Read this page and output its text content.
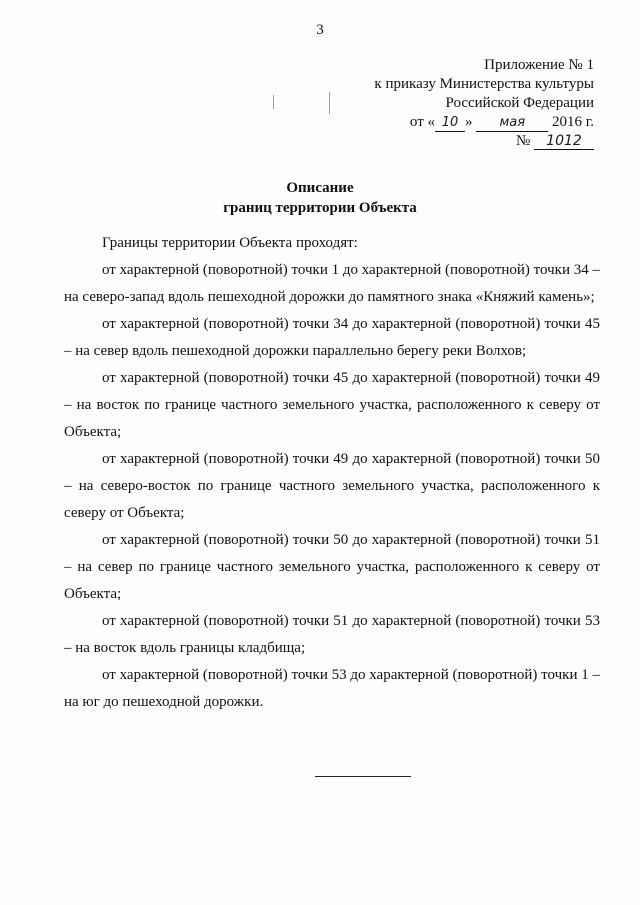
3
Приложение № 1
к приказу Министерства культуры
Российской Федерации
от « 10 » мая 2016 г.
№ 1012
Описание
границ территории Объекта

Границы территории Объекта проходят:

от характерной (поворотной) точки 1 до характерной (поворотной) точки 34 – на северо-запад вдоль пешеходной дорожки до памятного знака «Княжий камень»;

от характерной (поворотной) точки 34 до характерной (поворотной) точки 45 – на север вдоль пешеходной дорожки параллельно берегу реки Волхов;

от характерной (поворотной) точки 45 до характерной (поворотной) точки 49 – на восток по границе частного земельного участка, расположенного к северу от Объекта;

от характерной (поворотной) точки 49 до характерной (поворотной) точки 50 – на северо-восток по границе частного земельного участка, расположенного к северу от Объекта;

от характерной (поворотной) точки 50 до характерной (поворотной) точки 51 – на север по границе частного земельного участка, расположенного к северу от Объекта;

от характерной (поворотной) точки 51 до характерной (поворотной) точки 53 – на восток вдоль границы кладбища;

от характерной (поворотной) точки 53 до характерной (поворотной) точки 1 – на юг до пешеходной дорожки.
